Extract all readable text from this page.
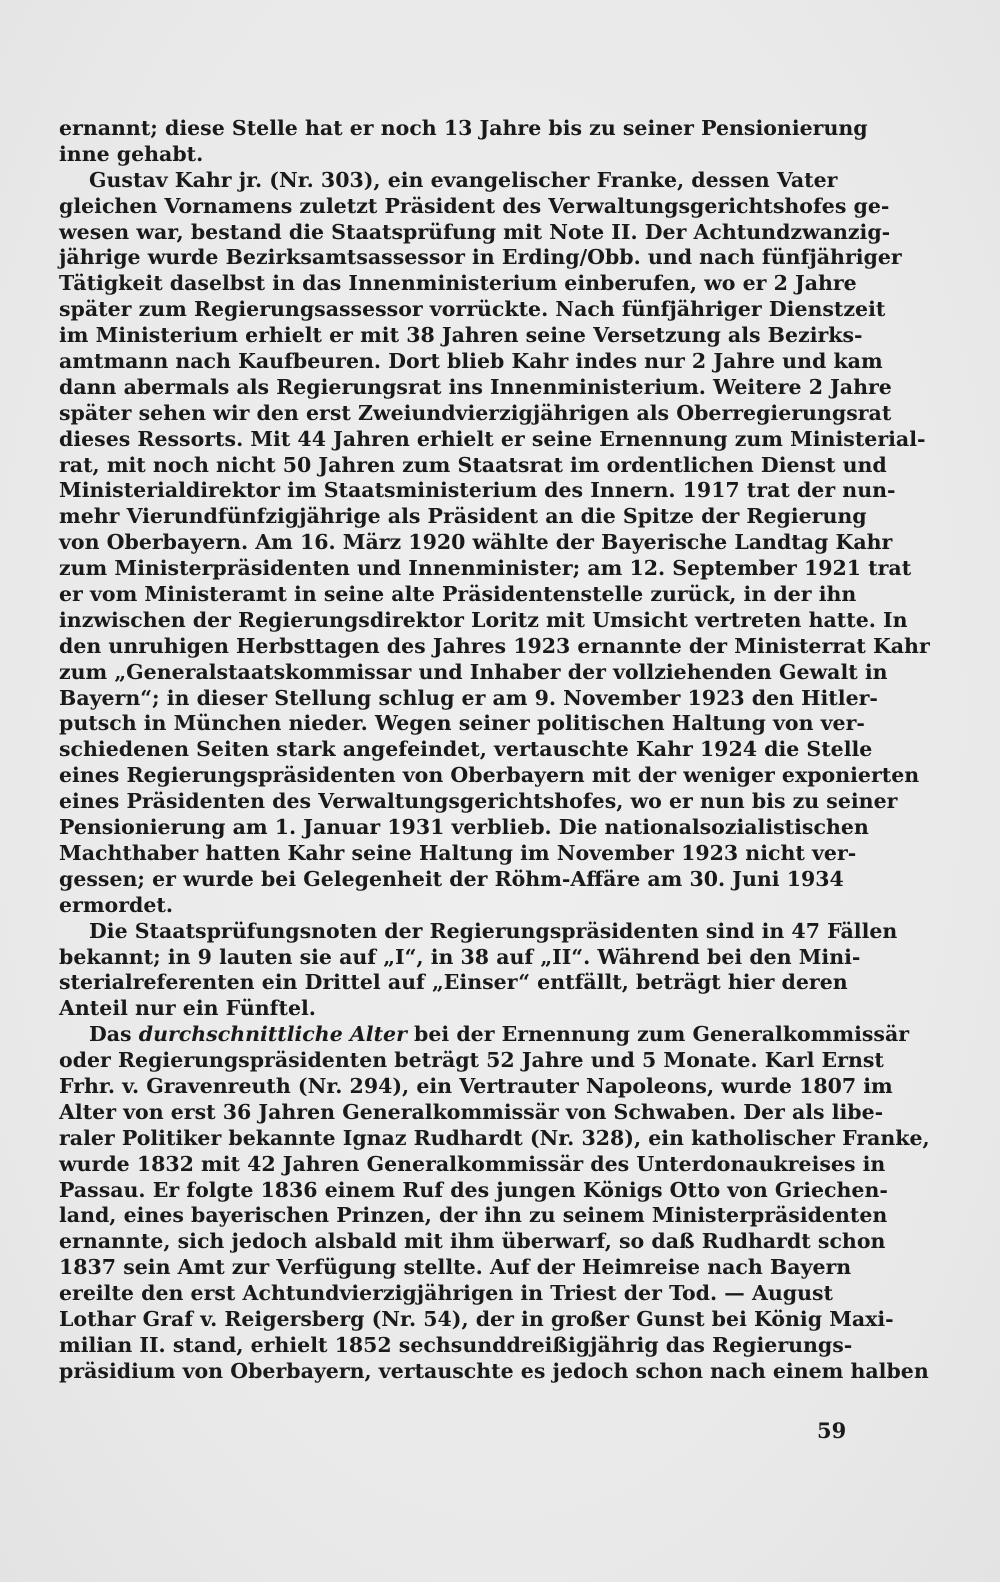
ernannt; diese Stelle hat er noch 13 Jahre bis zu seiner Pensionierung
inne gehabt.
Gustav Kahr jr. (Nr. 303), ein evangelischer Franke, dessen Vater
gleichen Vornamens zuletzt Präsident des Verwaltungsgerichtshofes ge-
wesen war, bestand die Staatsprüfung mit Note II. Der Achtundzwanzig-
jährige wurde Bezirksamtsassessor in Erding/Obb. und nach fünfjähriger
Tätigkeit daselbst in das Innenministerium einberufen, wo er 2 Jahre
später zum Regierungsassessor vorrückte. Nach fünfjähriger Dienstzeit
im Ministerium erhielt er mit 38 Jahren seine Versetzung als Bezirks-
amtmann nach Kaufbeuren. Dort blieb Kahr indes nur 2 Jahre und kam
dann abermals als Regierungsrat ins Innenministerium. Weitere 2 Jahre
später sehen wir den erst Zweiundvierzigjährigen als Oberregierungsrat
dieses Ressorts. Mit 44 Jahren erhielt er seine Ernennung zum Ministerial-
rat, mit noch nicht 50 Jahren zum Staatsrat im ordentlichen Dienst und
Ministerialdirektor im Staatsministerium des Innern. 1917 trat der nun-
mehr Vierundfünfzigjährige als Präsident an die Spitze der Regierung
von Oberbayern. Am 16. März 1920 wählte der Bayerische Landtag Kahr
zum Ministerpräsidenten und Innenminister; am 12. September 1921 trat
er vom Ministeramt in seine alte Präsidentenstelle zurück, in der ihn
inzwischen der Regierungsdirektor Loritz mit Umsicht vertreten hatte. In
den unruhigen Herbsttagen des Jahres 1923 ernannte der Ministerrat Kahr
zum „Generalstaatskommissar und Inhaber der vollziehenden Gewalt in
Bayern“; in dieser Stellung schlug er am 9. November 1923 den Hitler-
putsch in München nieder. Wegen seiner politischen Haltung von ver-
schiedenen Seiten stark angefeindet, vertauschte Kahr 1924 die Stelle
eines Regierungspräsidenten von Oberbayern mit der weniger exponierten
eines Präsidenten des Verwaltungsgerichtshofes, wo er nun bis zu seiner
Pensionierung am 1. Januar 1931 verblieb. Die nationalsozialistischen
Machthaber hatten Kahr seine Haltung im November 1923 nicht ver-
gessen; er wurde bei Gelegenheit der Röhm-Affäre am 30. Juni 1934
ermordet.
Die Staatsprüfungsnoten der Regierungspräsidenten sind in 47 Fällen
bekannt; in 9 lauten sie auf „I“, in 38 auf „II“. Während bei den Mini-
sterialreferenten ein Drittel auf „Einser“ entfällt, beträgt hier deren
Anteil nur ein Fünftel.
Das durchschnittliche Alter bei der Ernennung zum Generalkommissär
oder Regierungspräsidenten beträgt 52 Jahre und 5 Monate. Karl Ernst
Frhr. v. Gravenreuth (Nr. 294), ein Vertrauter Napoleons, wurde 1807 im
Alter von erst 36 Jahren Generalkommissär von Schwaben. Der als libe-
raler Politiker bekannte Ignaz Rudhardt (Nr. 328), ein katholischer Franke,
wurde 1832 mit 42 Jahren Generalkommissär des Unterdonaukreises in
Passau. Er folgte 1836 einem Ruf des jungen Königs Otto von Griechen-
land, eines bayerischen Prinzen, der ihn zu seinem Ministerpräsidenten
ernannte, sich jedoch alsbald mit ihm überwarf, so daß Rudhardt schon
1837 sein Amt zur Verfügung stellte. Auf der Heimreise nach Bayern
ereilte den erst Achtundvierzigjährigen in Triest der Tod. — August
Lothar Graf v. Reigersberg (Nr. 54), der in großer Gunst bei König Maxi-
milian II. stand, erhielt 1852 sechsunddreißigjährig das Regierungs-
präsidium von Oberbayern, vertauschte es jedoch schon nach einem halben
59
